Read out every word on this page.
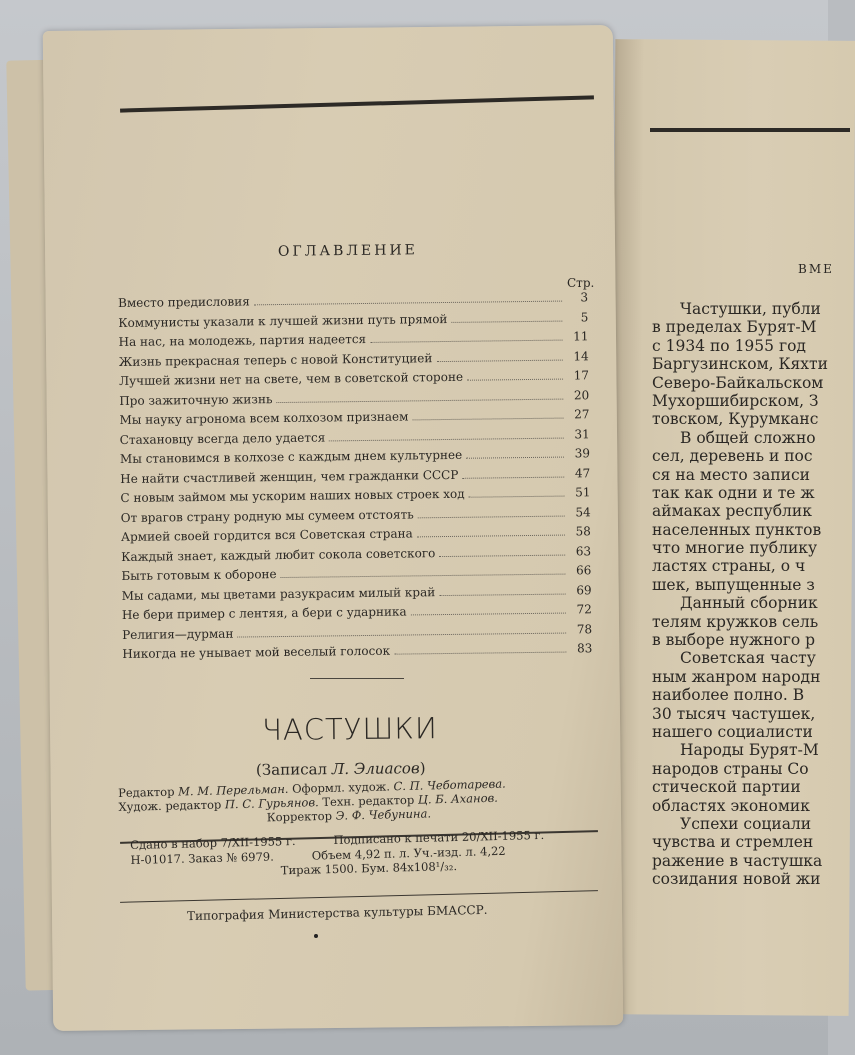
ОГЛАВЛЕНИЕ
Стр.
Вместо предисловия	3
Коммунисты указали к лучшей жизни путь прямой	5
На нас, на молодежь, партия надеется	11
Жизнь прекрасная теперь с новой Конституцией	14
Лучшей жизни нет на свете, чем в советской стороне	17
Про зажиточную жизнь	20
Мы науку агронома всем колхозом признаем	27
Стахановцу всегда дело удается	31
Мы становимся в колхозе с каждым днем культурнее	39
Не найти счастливей женщин, чем гражданки СССР	47
С новым займом мы ускорим наших новых строек ход	51
От врагов страну родную мы сумеем отстоять	54
Армией своей гордится вся Советская страна	58
Каждый знает, каждый любит сокола советского	63
Быть готовым к обороне	66
Мы садами, мы цветами разукрасим милый край	69
Не бери пример с лентяя, а бери с ударника	72
Религия—дурман	78
Никогда не унывает мой веселый голосок	83
ЧАСТУШКИ
(Записал Л. Элиасов)
Редактор М. М. Перельман. Оформл. худож. С. П. Чеботарева.
Худож. редактор П. С. Гурьянов. Техн. редактор Ц. Б. Аханов.
Корректор Э. Ф. Чебунина.
Сдано в набор 7/XII-1955 г.	Подписано к печати 20/XII-1955 г.
Н-01017. Заказ № 6979.	Объем 4,92 п. л. Уч.-изд. л. 4,22
Тираж 1500. Бум. 84х108¹/₃₂.
Типография Министерства культуры БМАССР.
ВМЕ
Частушки, публи
в пределах Бурят-М
с 1934 по 1955 год
Баргузинском, Кяхти
Северо-Байкальском
Мухоршибирском, З
товском, Курумканс
В общей сложно
сел, деревень и пос
ся на место записи
так как одни и те ж
аймаках республик
населенных пунктов
что многие публику
ластях страны, о ч
шек, выпущенные з
Данный сборник
телям кружков сель
в выборе нужного р
Советская часту
ным жанром народн
наиболее полно. В
30 тысяч частушек,
нашего социалисти
Народы Бурят-М
народов страны Со
стической партии
областях экономик
Успехи социали
чувства и стремлен
ражение в частушка
созидания новой жи
